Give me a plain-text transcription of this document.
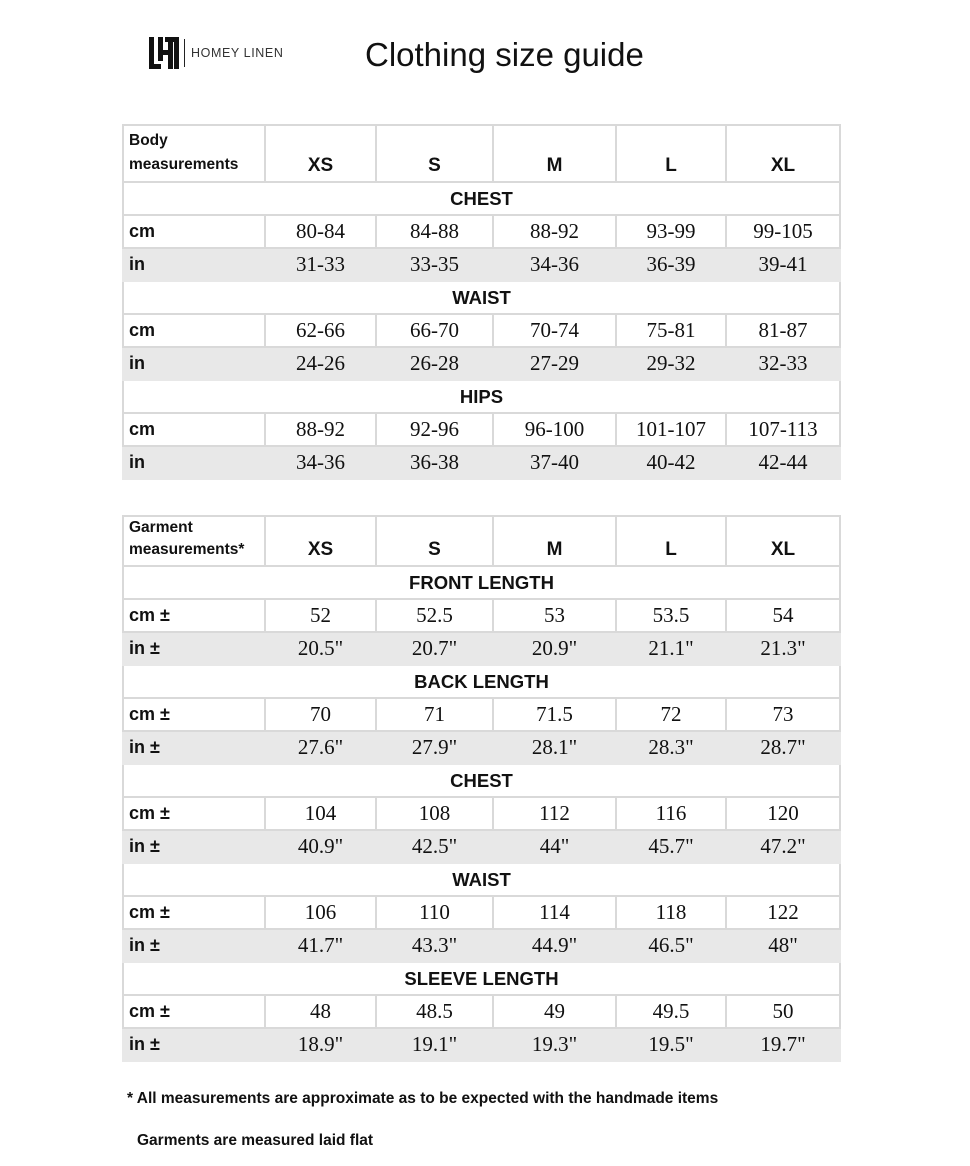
HOMEY LINEN Clothing size guide
Body
measurements	XS	S	M	L	XL
CHEST					
cm	80-84	84-88	88-92	93-99	99-105
in	31-33	33-35	34-36	36-39	39-41
WAIST					
cm	62-66	66-70	70-74	75-81	81-87
in	24-26	26-28	27-29	29-32	32-33
HIPS					
cm	88-92	92-96	96-100	101-107	107-113
in	34-36	36-38	37-40	40-42	42-44
Garment
measurements*	XS	S	M	L	XL
FRONT LENGTH					
cm ±	52	52.5	53	53.5	54
in ±	20.5"	20.7"	20.9"	21.1"	21.3"
BACK LENGTH					
cm ±	70	71	71.5	72	73
in ±	27.6"	27.9"	28.1"	28.3"	28.7"
CHEST					
cm ±	104	108	112	116	120
in ±	40.9"	42.5"	44"	45.7"	47.2"
WAIST					
cm ±	106	110	114	118	122
in ±	41.7"	43.3"	44.9"	46.5"	48"
SLEEVE LENGTH					
cm ±	48	48.5	49	49.5	50
in ±	18.9"	19.1"	19.3"	19.5"	19.7"
* All measurements are approximate as to be expected with the handmade items
Garments are measured laid flat
